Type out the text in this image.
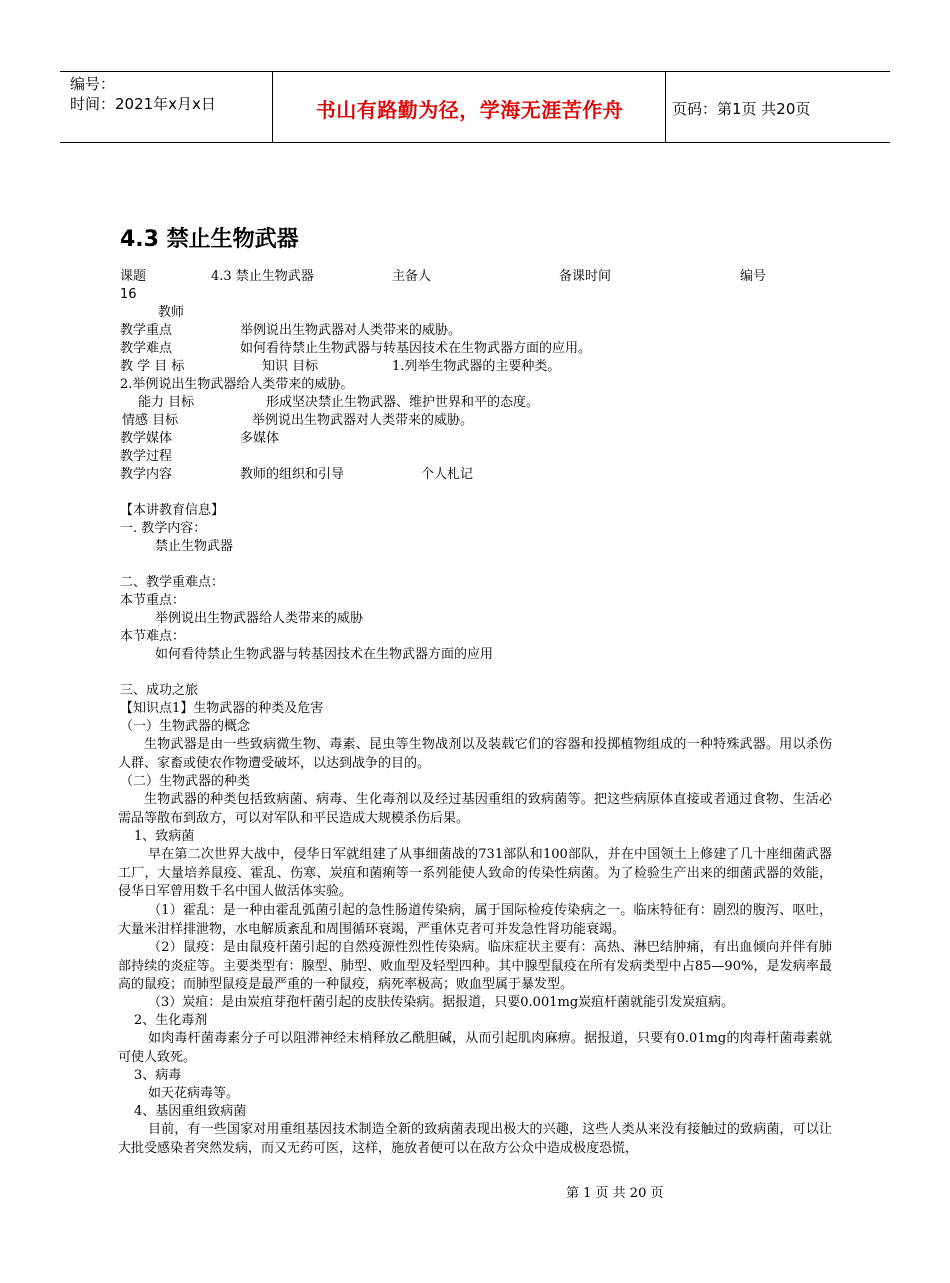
编号：
时间：2021年x月x日	书山有路勤为径，学海无涯苦作舟	页码：第1页 共20页
4.3 禁止生物武器
课题	4.3 禁止生物武器	主备人	备课时间	编号
16
教师
教学重点	举例说出生物武器对人类带来的威胁。
教学难点	如何看待禁止生物武器与转基因技术在生物武器方面的应用。
教 学 目 标	知识 目标	1.列举生物武器的主要种类。
2.举例说出生物武器给人类带来的威胁。
能力 目标	形成坚决禁止生物武器、维护世界和平的态度。
情感 目标	举例说出生物武器对人类带来的威胁。
教学媒体	多媒体
教学过程
教学内容	教师的组织和引导	个人札记
【本讲教育信息】
一. 教学内容：
禁止生物武器
二、教学重难点：
本节重点：
举例说出生物武器给人类带来的威胁
本节难点：
如何看待禁止生物武器与转基因技术在生物武器方面的应用
三、成功之旅
【知识点1】生物武器的种类及危害
（一）生物武器的概念
生物武器是由一些致病微生物、毒素、昆虫等生物战剂以及装载它们的容器和投掷植物组成的一种特殊武器。用以杀伤人群、家畜或使农作物遭受破坏，以达到战争的目的。
（二）生物武器的种类
生物武器的种类包括致病菌、病毒、生化毒剂以及经过基因重组的致病菌等。把这些病原体直接或者通过食物、生活必需品等散布到敌方，可以对军队和平民造成大规模杀伤后果。
1、致病菌
早在第二次世界大战中，侵华日军就组建了从事细菌战的731部队和100部队，并在中国领土上修建了几十座细菌武器工厂，大量培养鼠疫、霍乱、伤寒、炭疽和菌痢等一系列能使人致命的传染性病菌。为了检验生产出来的细菌武器的效能，侵华日军曾用数千名中国人做活体实验。
（1）霍乱：是一种由霍乱弧菌引起的急性肠道传染病，属于国际检疫传染病之一。临床特征有：剧烈的腹泻、呕吐，大量米泔样排泄物，水电解质紊乱和周围循环衰竭，严重休克者可并发急性肾功能衰竭。
（2）鼠疫：是由鼠疫杆菌引起的自然疫源性烈性传染病。临床症状主要有：高热、淋巴结肿痛，有出血倾向并伴有肺部持续的炎症等。主要类型有：腺型、肺型、败血型及轻型四种。其中腺型鼠疫在所有发病类型中占85—90%，是发病率最高的鼠疫；而肺型鼠疫是最严重的一种鼠疫，病死率极高；败血型属于暴发型。
（3）炭疽：是由炭疽芽孢杆菌引起的皮肤传染病。据报道，只要0.001mg炭疽杆菌就能引发炭疽病。
2、生化毒剂
如肉毒杆菌毒素分子可以阻滞神经末梢释放乙酰胆碱，从而引起肌肉麻痹。据报道，只要有0.01mg的肉毒杆菌毒素就可使人致死。
3、病毒
如天花病毒等。
4、基因重组致病菌
目前，有一些国家对用重组基因技术制造全新的致病菌表现出极大的兴趣，这些人类从来没有接触过的致病菌，可以让大批受感染者突然发病，而又无药可医，这样，施放者便可以在敌方公众中造成极度恐慌，
第 1 页 共 20 页
